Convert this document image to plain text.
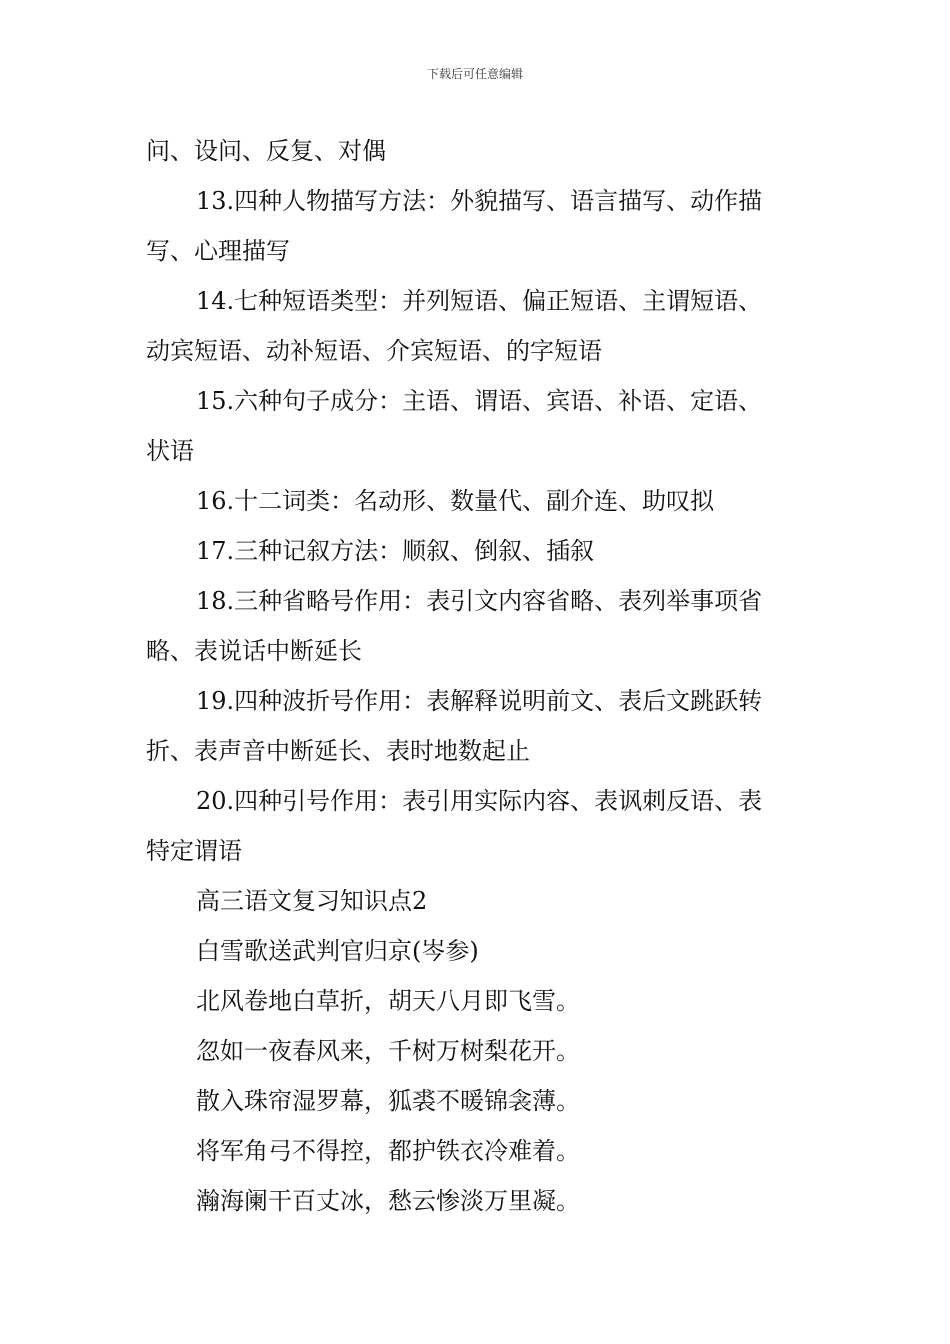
下载后可任意编辑
问、设问、反复、对偶
13.四种人物描写方法：外貌描写、语言描写、动作描
写、心理描写
14.七种短语类型：并列短语、偏正短语、主谓短语、
动宾短语、动补短语、介宾短语、的字短语
15.六种句子成分：主语、谓语、宾语、补语、定语、
状语
16.十二词类：名动形、数量代、副介连、助叹拟
17.三种记叙方法：顺叙、倒叙、插叙
18.三种省略号作用：表引文内容省略、表列举事项省
略、表说话中断延长
19.四种波折号作用：表解释说明前文、表后文跳跃转
折、表声音中断延长、表时地数起止
20.四种引号作用：表引用实际内容、表讽刺反语、表
特定谓语
高三语文复习知识点2
白雪歌送武判官归京(岑参)
北风卷地白草折，胡天八月即飞雪。
忽如一夜春风来，千树万树梨花开。
散入珠帘湿罗幕，狐裘不暖锦衾薄。
将军角弓不得控，都护铁衣冷难着。
瀚海阑干百丈冰，愁云惨淡万里凝。
